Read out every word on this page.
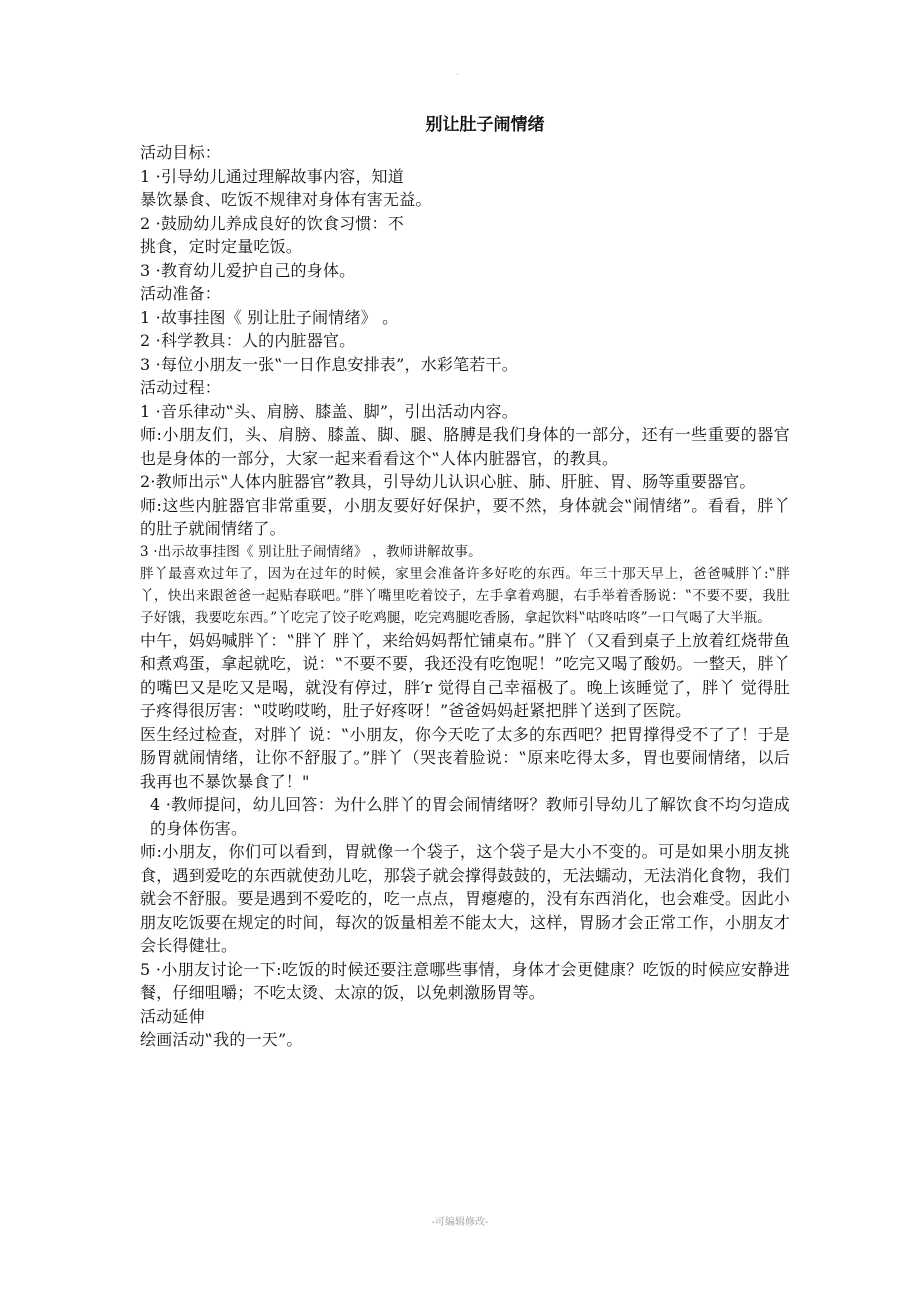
·
别让肚子闹情绪

活动目标：

1 ·引导幼儿通过理解故事内容，知道

暴饮暴食、吃饭不规律对身体有害无益。

2 ·鼓励幼儿养成良好的饮食习惯：不

挑食，定时定量吃饭。

3 ·教育幼儿爱护自己的身体。

活动准备：

1 ·故事挂图《 别让肚子闹情绪》 。

2 ·科学教具：人的内脏器官。

3 ·每位小朋友一张‟一日作息安排表”，水彩笔若干。

活动过程：

1 ·音乐律动‟头、肩膀、膝盖、脚”，引出活动内容。

师:小朋友们，头、肩膀、膝盖、脚、腿、胳膊是我们身体的一部分，还有一些重要的器官也是身体的一部分，大家一起来看看这个‟人体内脏器官，的教具。

2·教师出示‟人体内脏器官”教具，引导幼儿认识心脏、肺、肝脏、胃、肠等重要器官。

师:这些内脏器官非常重要，小朋友要好好保护，要不然，身体就会‟闹情绪”。看看，胖丫的肚子就闹情绪了。

3 ·出示故事挂图《 别让肚子闹情绪》 ，教师讲解故事。

胖丫最喜欢过年了，因为在过年的时候，家里会准备许多好吃的东西。年三十那天早上，爸爸喊胖丫:‟胖丫，快出来跟爸爸一起贴春联吧。”胖丫嘴里吃着饺子，左手拿着鸡腿，右手举着香肠说：‟不要不要，我肚子好饿，我要吃东西。”丫吃完了饺子吃鸡腿，吃完鸡腿吃香肠，拿起饮料‟咕咚咕咚”一口气喝了大半瓶。

中午，妈妈喊胖丫：‟胖丫 胖丫，来给妈妈帮忙铺桌布。”胖丫（又看到桌子上放着红烧带鱼和煮鸡蛋，拿起就吃，说：‟不要不要，我还没有吃饱呢！”吃完又喝了酸奶。一整天，胖丫的嘴巴又是吃又是喝，就没有停过，胖′r 觉得自己幸福极了。晚上该睡觉了，胖丫 觉得肚子疼得很厉害：‟哎哟哎哟，肚子好疼呀！”爸爸妈妈赶紧把胖丫送到了医院。

医生经过检查，对胖丫 说：‟小朋友，你今天吃了太多的东西吧？把胃撑得受不了了！于是肠胃就闹情绪，让你不舒服了。”胖丫（哭丧着脸说：‟原来吃得太多，胃也要闹情绪，以后我再也不暴饮暴食了！"

4 ·教师提问，幼儿回答：为什么胖丫的胃会闹情绪呀？教师引导幼儿了解饮食不均匀造成的身体伤害。

师:小朋友，你们可以看到，胃就像一个袋子，这个袋子是大小不变的。可是如果小朋友挑食，遇到爱吃的东西就使劲儿吃，那袋子就会撑得鼓鼓的，无法蠕动，无法消化食物，我们就会不舒服。要是遇到不爱吃的，吃一点点，胃瘪瘪的，没有东西消化，也会难受。因此小朋友吃饭要在规定的时间，每次的饭量相差不能太大，这样，胃肠才会正常工作，小朋友才会长得健壮。

5 ·小朋友讨论一下:吃饭的时候还要注意哪些事情，身体才会更健康？吃饭的时候应安静进餐，仔细咀嚼；不吃太烫、太凉的饭，以免刺激肠胃等。

活动延伸

绘画活动‟我的一天”。

-可编辑修改-
